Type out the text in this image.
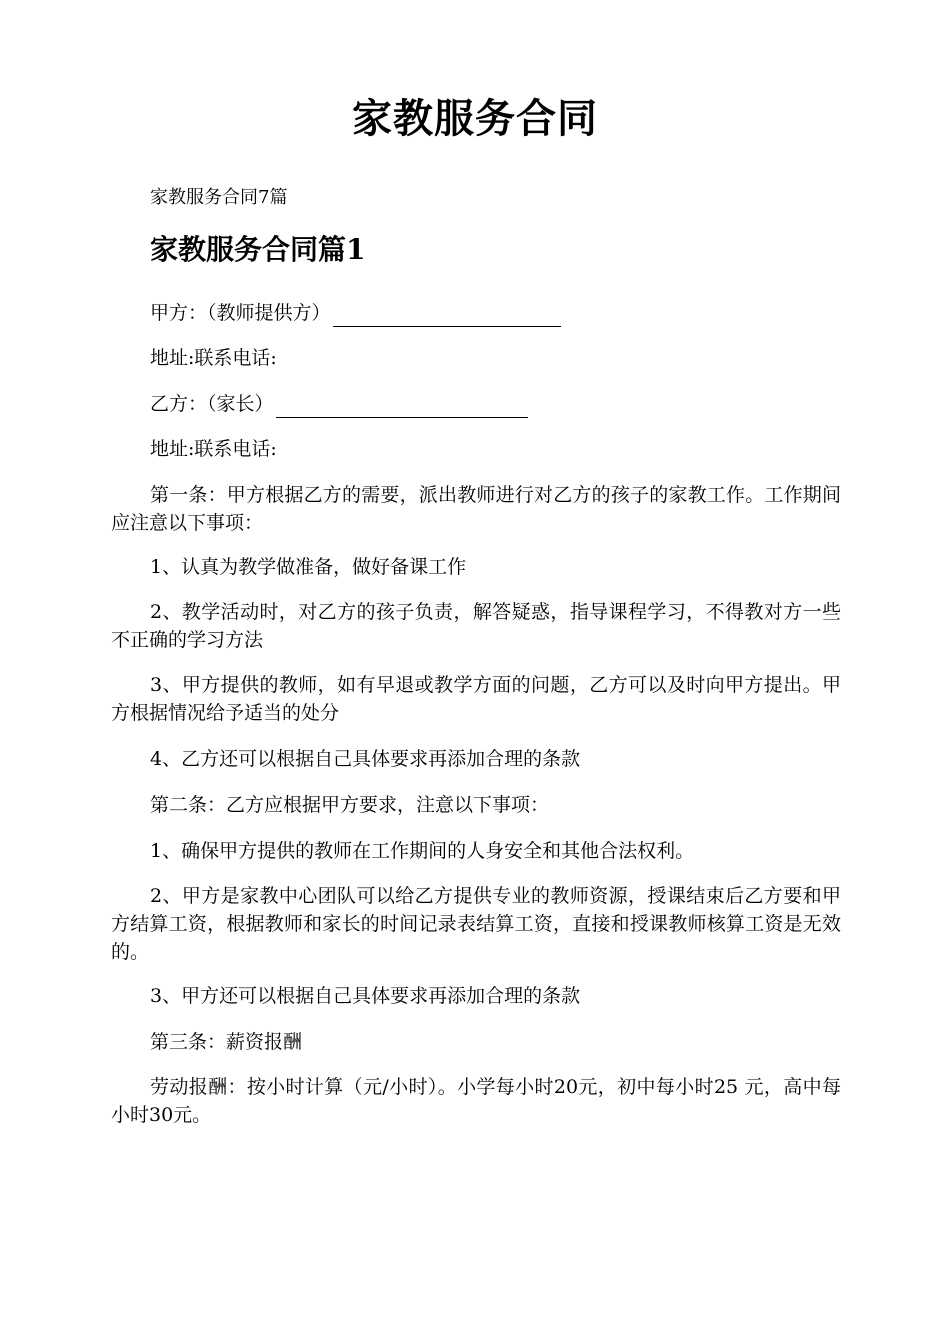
家教服务合同
家教服务合同7篇
家教服务合同篇1
甲方：（教师提供方）
地址:联系电话:
乙方：（家长）
地址:联系电话:
第一条：甲方根据乙方的需要，派出教师进行对乙方的孩子的家教工作。工作期间应注意以下事项：
1、认真为教学做准备，做好备课工作
2、教学活动时，对乙方的孩子负责，解答疑惑，指导课程学习，不得教对方一些不正确的学习方法
3、甲方提供的教师，如有早退或教学方面的问题，乙方可以及时向甲方提出。甲方根据情况给予适当的处分
4、乙方还可以根据自己具体要求再添加合理的条款
第二条：乙方应根据甲方要求，注意以下事项：
1、确保甲方提供的教师在工作期间的人身安全和其他合法权利。
2、甲方是家教中心团队可以给乙方提供专业的教师资源，授课结束后乙方要和甲方结算工资，根据教师和家长的时间记录表结算工资，直接和授课教师核算工资是无效的。
3、甲方还可以根据自己具体要求再添加合理的条款
第三条：薪资报酬
劳动报酬：按小时计算（元/小时）。小学每小时20元，初中每小时25 元，高中每小时30元。
